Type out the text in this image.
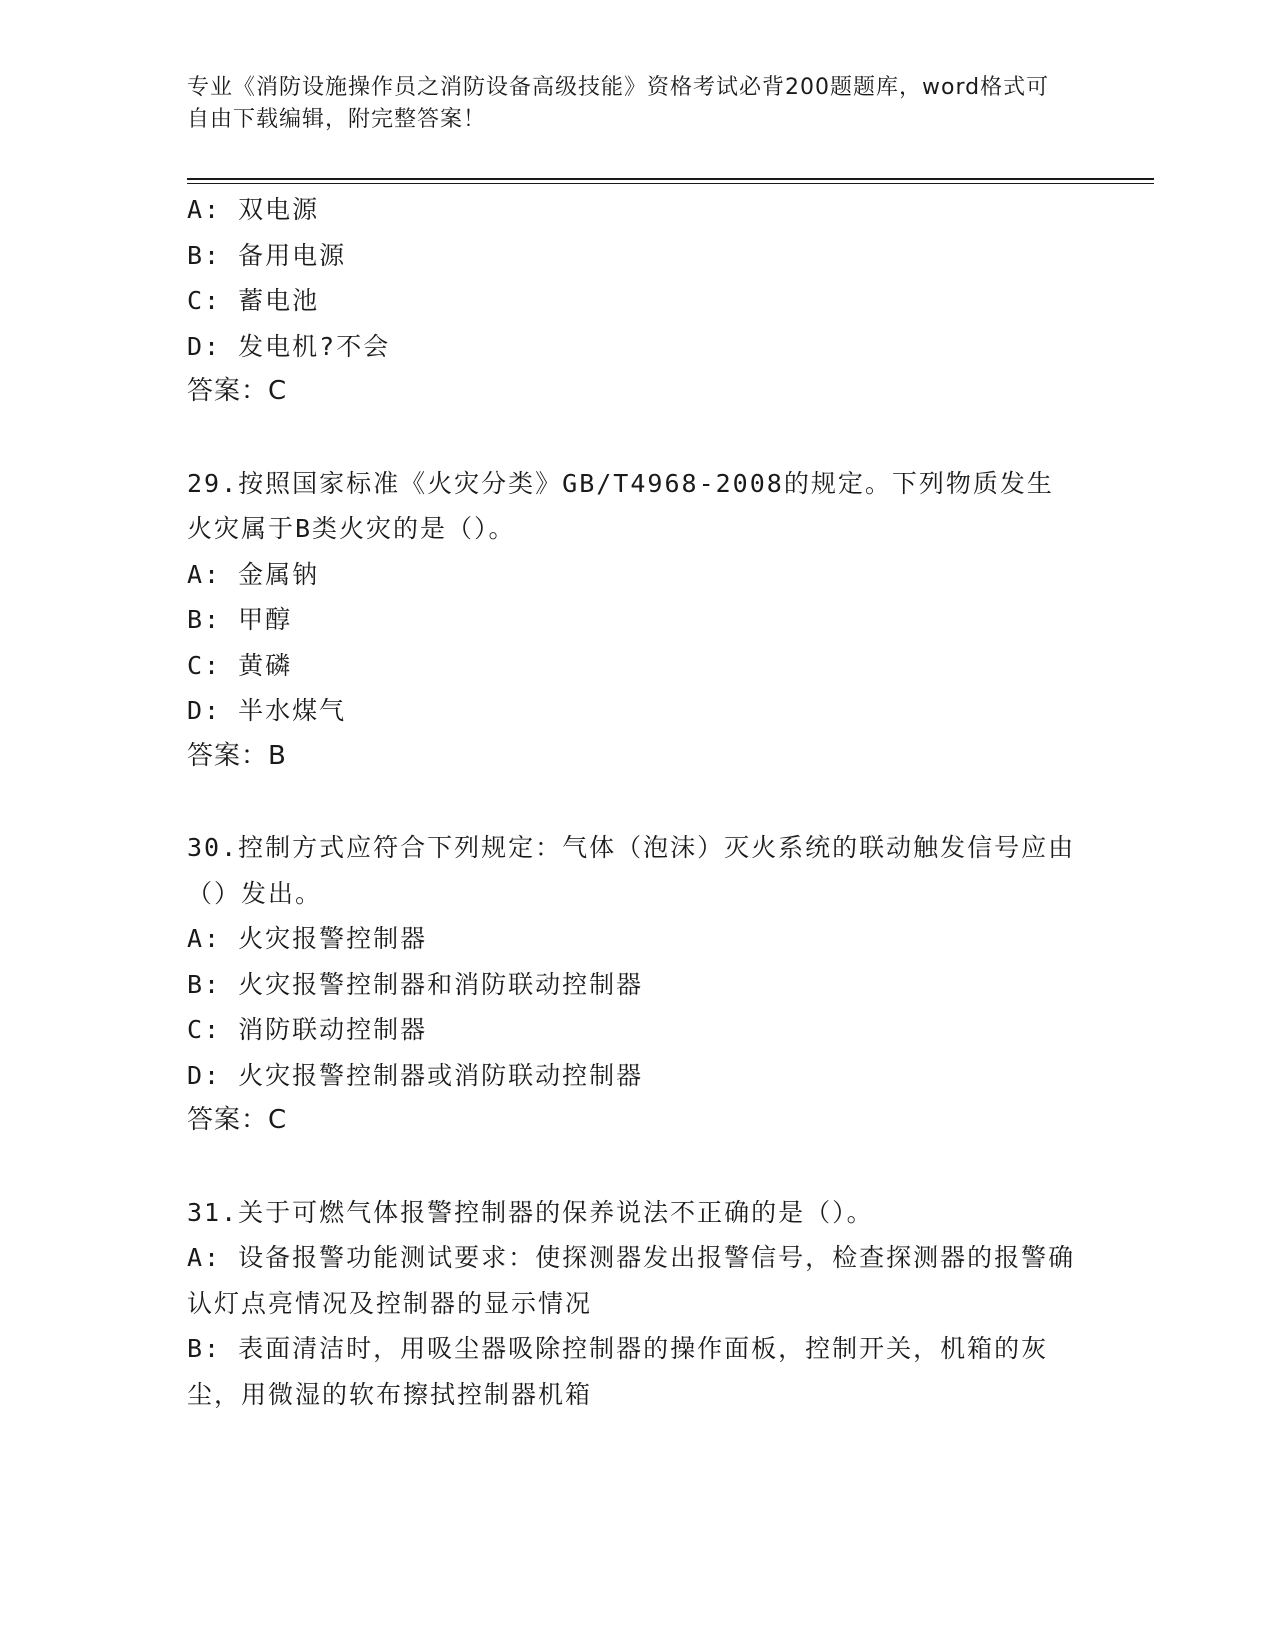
专业《消防设施操作员之消防设备高级技能》资格考试必背200题题库，word格式可自由下载编辑，附完整答案！
A: 双电源
B: 备用电源
C: 蓄电池
D: 发电机?不会
答案：C
29.按照国家标准《火灾分类》GB/T4968-2008的规定。下列物质发生火灾属于B类火灾的是（）。
A: 金属钠
B: 甲醇
C: 黄磷
D: 半水煤气
答案：B
30.控制方式应符合下列规定：气体（泡沫）灭火系统的联动触发信号应由（）发出。
A: 火灾报警控制器
B: 火灾报警控制器和消防联动控制器
C: 消防联动控制器
D: 火灾报警控制器或消防联动控制器
答案：C
31.关于可燃气体报警控制器的保养说法不正确的是（）。
A: 设备报警功能测试要求：使探测器发出报警信号，检查探测器的报警确认灯点亮情况及控制器的显示情况
B: 表面清洁时，用吸尘器吸除控制器的操作面板，控制开关，机箱的灰尘，用微湿的软布擦拭控制器机箱
